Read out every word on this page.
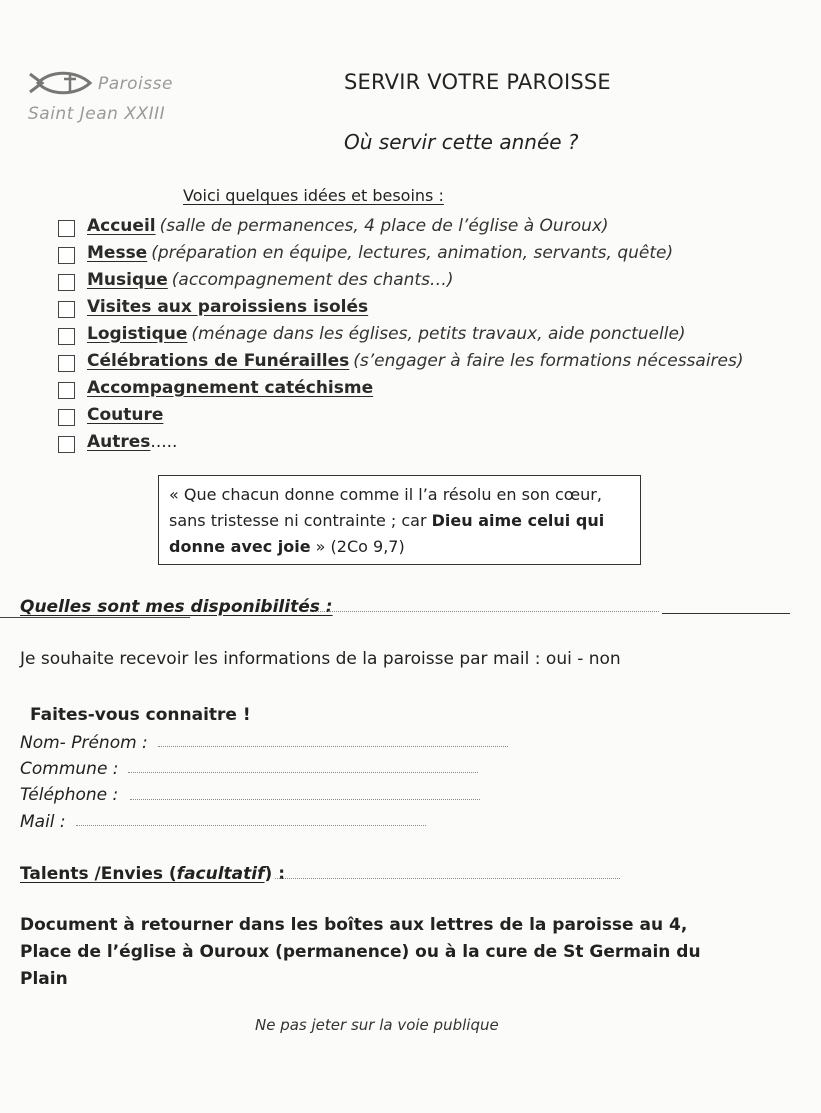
Paroisse
Saint Jean XXIII
SERVIR VOTRE PAROISSE
Où servir cette année ?
Voici quelques idées et besoins :
Accueil (salle de permanences, 4 place de l’église à Ouroux)
Messe (préparation en équipe, lectures, animation, servants, quête)
Musique (accompagnement des chants…)
Visites aux paroissiens isolés
Logistique (ménage dans les églises, petits travaux, aide ponctuelle)
Célébrations de Funérailles (s’engager à faire les formations nécessaires)
Accompagnement catéchisme
Couture
Autres .....
« Que chacun donne comme il l’a résolu en son cœur, sans tristesse ni contrainte ; car Dieu aime celui qui donne avec joie » (2Co 9,7)
Quelles sont mes disponibilités :
Je souhaite recevoir les informations de la paroisse par mail : oui - non
Faites-vous connaitre !
Nom- Prénom :
Commune :
Téléphone :
Mail :
Talents /Envies (facultatif) :
Document à retourner dans les boîtes aux lettres de la paroisse au 4, Place de l’église à Ouroux (permanence) ou à la cure de St Germain du Plain
Ne pas jeter sur la voie publique
